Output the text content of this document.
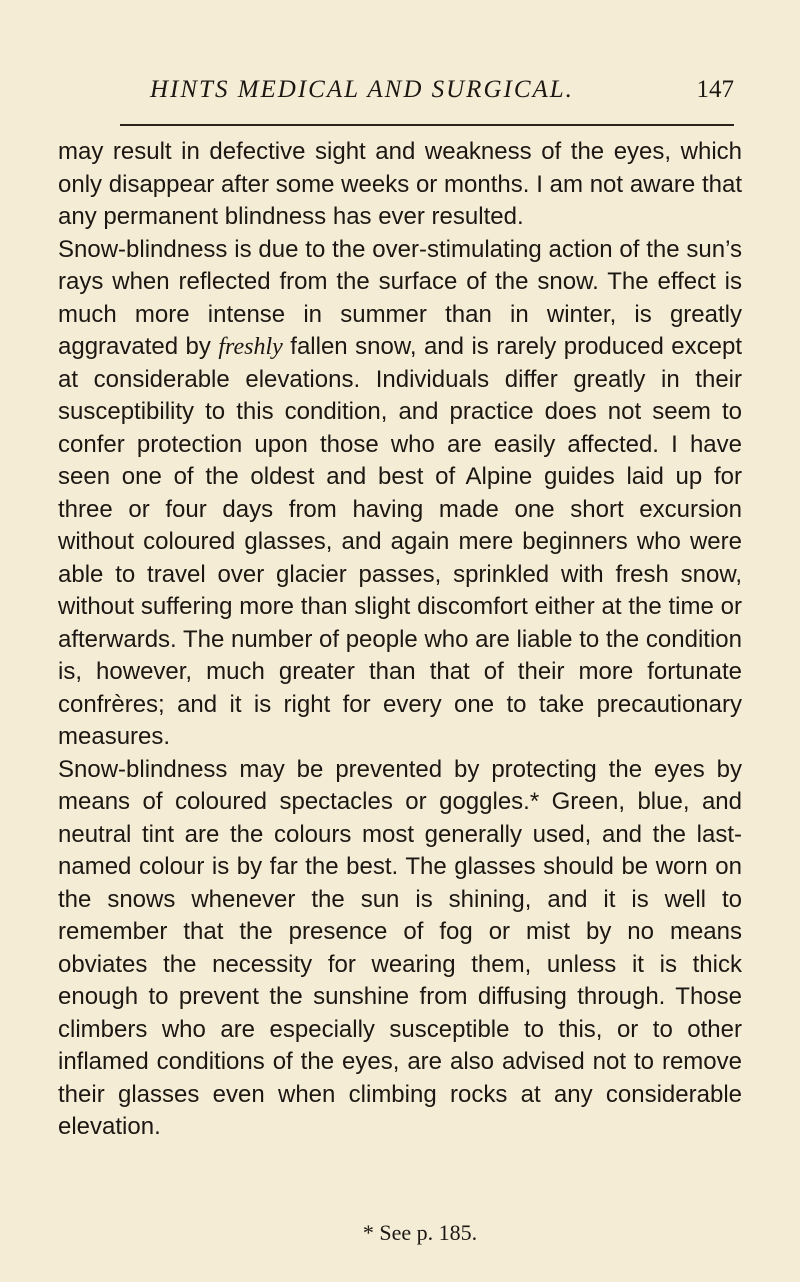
HINTS MEDICAL AND SURGICAL.	147

may result in defective sight and weakness of the eyes, which only disappear after some weeks or months. I am not aware that any permanent blindness has ever resulted.

Snow-blindness is due to the over-stimulating action of the sun’s rays when reflected from the surface of the snow. The effect is much more intense in summer than in winter, is greatly aggravated by freshly fallen snow, and is rarely produced except at considerable elevations. Individuals differ greatly in their susceptibility to this condition, and practice does not seem to confer protection upon those who are easily affected. I have seen one of the oldest and best of Alpine guides laid up for three or four days from having made one short excursion without coloured glasses, and again mere beginners who were able to travel over glacier passes, sprinkled with fresh snow, without suffering more than slight discomfort either at the time or afterwards. The number of people who are liable to the condition is, however, much greater than that of their more fortunate confrères; and it is right for every one to take precautionary measures.

Snow-blindness may be prevented by protecting the eyes by means of coloured spectacles or goggles.* Green, blue, and neutral tint are the colours most generally used, and the last-named colour is by far the best. The glasses should be worn on the snows whenever the sun is shining, and it is well to remember that the presence of fog or mist by no means obviates the necessity for wearing them, unless it is thick enough to prevent the sunshine from diffusing through. Those climbers who are especially susceptible to this, or to other inflamed conditions of the eyes, are also advised not to remove their glasses even when climbing rocks at any considerable elevation.

* See p. 185.
